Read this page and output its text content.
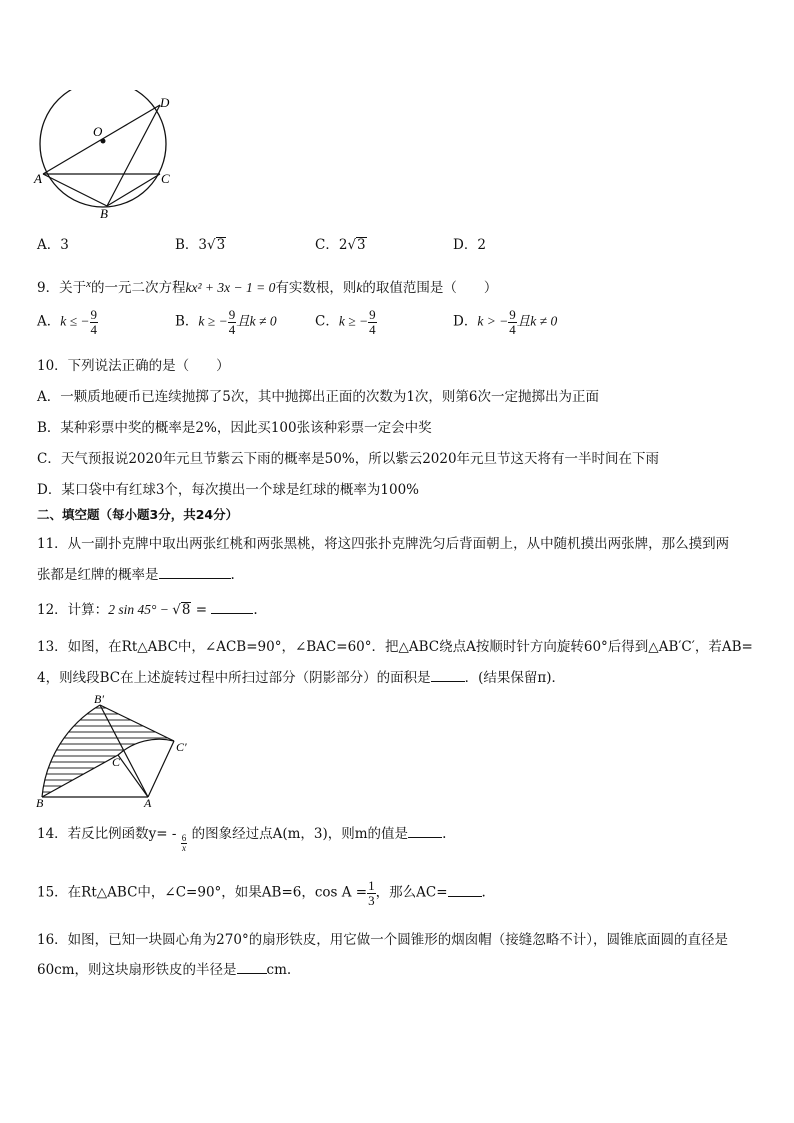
O
D
A	C
B
A．3	B．3√3	C．2√3	D．2
9．关于$^x$的一元二次方程kx² + 3x − 1 = 0有实数根，则k的取值范围是（　　）
A．k ≤ − $\frac{9}{4}$	B．k ≥ − $\frac{9}{4}$ 且k ≠ 0	C．k ≥ − $\frac{9}{4}$	D．k > − $\frac{9}{4}$ 且k ≠ 0
10．下列说法正确的是（　　）
A．一颗质地硬币已连续抛掷了5次，其中抛掷出正面的次数为1次，则第6次一定抛掷出为正面
B．某种彩票中奖的概率是2%，因此买100张该种彩票一定会中奖
C．天气预报说2020年元旦节紫云下雨的概率是50%，所以紫云2020年元旦节这天将有一半时间在下雨
D．某口袋中有红球3个，每次摸出一个球是红球的概率为100%
二、填空题（每小题3分，共24分）
11．从一副扑克牌中取出两张红桃和两张黑桃，将这四张扑克牌洗匀后背面朝上，从中随机摸出两张牌，那么摸到两
张都是红牌的概率是	.
12．计算：2 sin 45° − √8 =	.
13．如图，在Rt△ABC中，∠ACB=90°，∠BAC=60°．把△ABC绕点A按顺时针方向旋转60°后得到△AB′C′，若AB=
4，则线段BC在上述旋转过程中所扫过部分（阴影部分）的面积是	．(结果保留π)．
B′
C′
C
B	A
14．若反比例函数$y= - \frac{6}{x}$ 的图象经过点A(m，3)，则m的值是	.
15．在Rt△ABC中，∠C=90°，如果AB=6，$\cos A = \frac{1}{3}$ ，那么AC=	.
16．如图，已知一块圆心角为270°的扇形铁皮，用它做一个圆锥形的烟囱帽（接缝忽略不计），圆锥底面圆的直径是
60cm，则这块扇形铁皮的半径是 cm.
